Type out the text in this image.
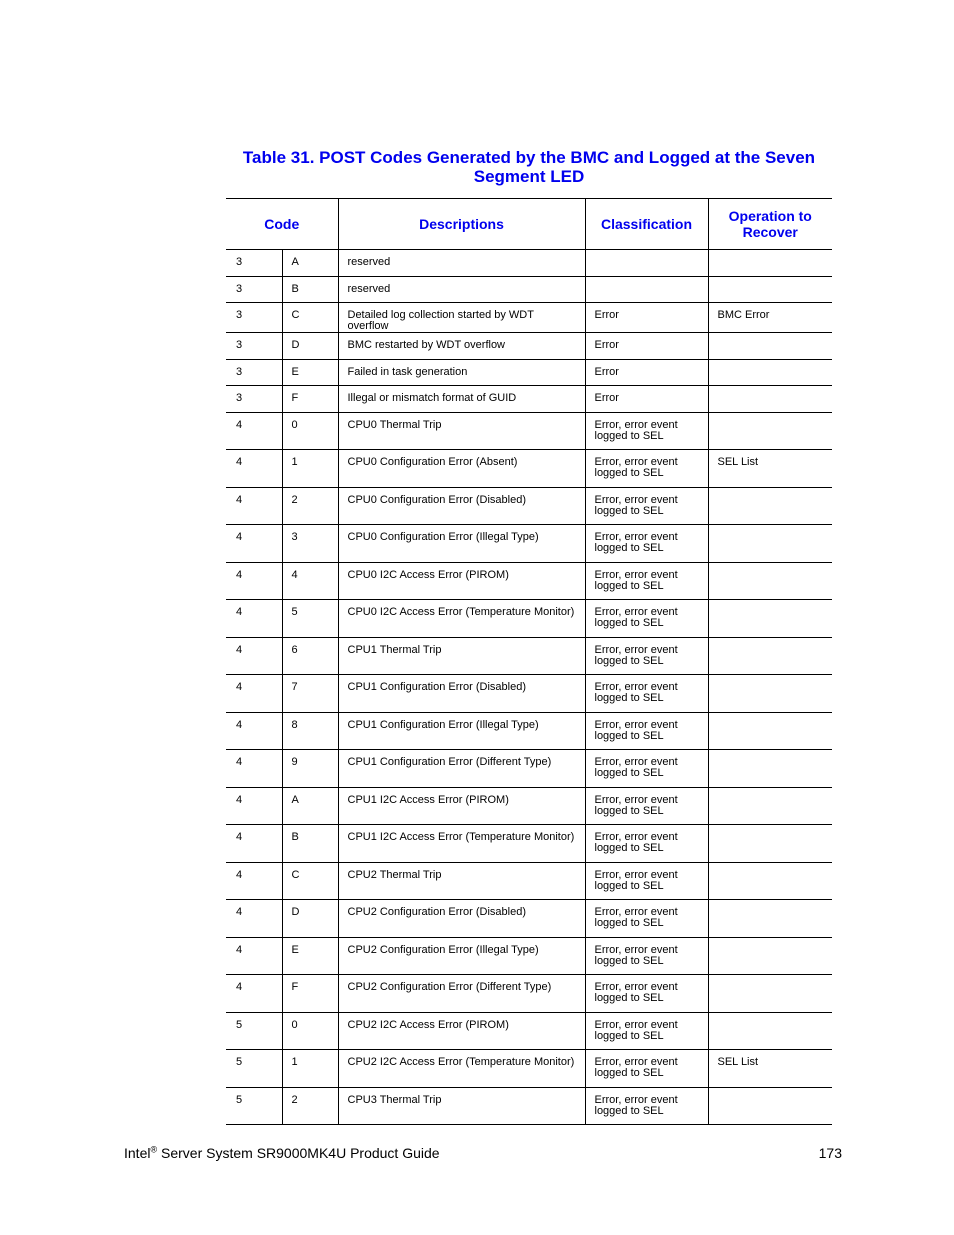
Table 31. POST Codes Generated by the BMC and Logged at the Seven Segment LED
Code		Descriptions	Classification	Operation to Recover
3	A	reserved		
3	B	reserved		
3	C	Detailed log collection started by WDT overflow	Error	BMC Error
3	D	BMC restarted by WDT overflow	Error	
3	E	Failed in task generation	Error	
3	F	Illegal or mismatch format of GUID	Error	
4	0	CPU0 Thermal Trip	Error, error event logged to SEL	
4	1	CPU0 Configuration Error (Absent)	Error, error event logged to SEL	SEL List
4	2	CPU0 Configuration Error (Disabled)	Error, error event logged to SEL	
4	3	CPU0 Configuration Error (Illegal Type)	Error, error event logged to SEL	
4	4	CPU0 I2C Access Error (PIROM)	Error, error event logged to SEL	
4	5	CPU0 I2C Access Error (Temperature Monitor)	Error, error event logged to SEL	
4	6	CPU1 Thermal Trip	Error, error event logged to SEL	
4	7	CPU1 Configuration Error (Disabled)	Error, error event logged to SEL	
4	8	CPU1 Configuration Error (Illegal Type)	Error, error event logged to SEL	
4	9	CPU1 Configuration Error (Different Type)	Error, error event logged to SEL	
4	A	CPU1 I2C Access Error (PIROM)	Error, error event logged to SEL	
4	B	CPU1 I2C Access Error (Temperature Monitor)	Error, error event logged to SEL	
4	C	CPU2 Thermal Trip	Error, error event logged to SEL	
4	D	CPU2 Configuration Error (Disabled)	Error, error event logged to SEL	
4	E	CPU2 Configuration Error (Illegal Type)	Error, error event logged to SEL	
4	F	CPU2 Configuration Error (Different Type)	Error, error event logged to SEL	
5	0	CPU2 I2C Access Error (PIROM)	Error, error event logged to SEL	
5	1	CPU2 I2C Access Error (Temperature Monitor)	Error, error event logged to SEL	SEL List
5	2	CPU3 Thermal Trip	Error, error event logged to SEL	
Intel® Server System SR9000MK4U Product Guide	173
